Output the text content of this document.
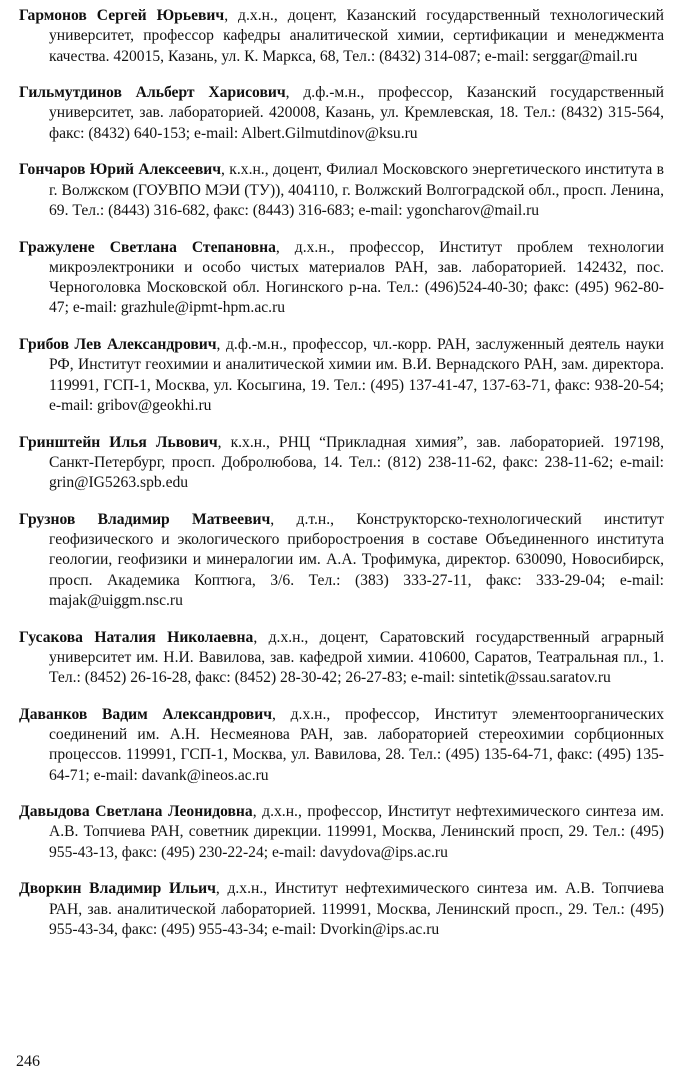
Гармонов Сергей Юрьевич, д.х.н., доцент, Казанский государственный технологический университет, профессор кафедры аналитической химии, сертификации и менеджмента качества. 420015, Казань, ул. К. Маркса, 68, Тел.: (8432) 314-087; e-mail: serggar@mail.ru

Гильмутдинов Альберт Харисович, д.ф.-м.н., профессор, Казанский государственный университет, зав. лабораторией. 420008, Казань, ул. Кремлевская, 18. Тел.: (8432) 315-564, факс: (8432) 640-153; e-mail: Albert.Gilmutdinov@ksu.ru

Гончаров Юрий Алексеевич, к.х.н., доцент, Филиал Московского энергетического института в г. Волжском (ГОУВПО МЭИ (ТУ)), 404110, г. Волжский Волгоградской обл., просп. Ленина, 69. Тел.: (8443) 316-682, факс: (8443) 316-683; e-mail: ygoncharov@mail.ru

Гражулене Светлана Степановна, д.х.н., профессор, Институт проблем технологии микроэлектроники и особо чистых материалов РАН, зав. лабораторией. 142432, пос. Черноголовка Московской обл. Ногинского р-на. Тел.: (496)524-40-30; факс: (495) 962-80-47; e-mail: grazhule@ipmt-hpm.ac.ru

Грибов Лев Александрович, д.ф.-м.н., профессор, чл.-корр. РАН, заслуженный деятель науки РФ, Институт геохимии и аналитической химии им. В.И. Вернадского РАН, зам. директора. 119991, ГСП-1, Москва, ул. Косыгина, 19. Тел.: (495) 137-41-47, 137-63-71, факс: 938-20-54; e-mail: gribov@geokhi.ru

Гринштейн Илья Львович, к.х.н., РНЦ “Прикладная химия”, зав. лабораторией. 197198, Санкт-Петербург, просп. Добролюбова, 14. Тел.: (812) 238-11-62, факс: 238-11-62; e-mail: grin@IG5263.spb.edu

Грузнов Владимир Матвеевич, д.т.н., Конструкторско-технологический институт геофизического и экологического приборостроения в составе Объединенного института геологии, геофизики и минералогии им. А.А. Трофимука, директор. 630090, Новосибирск, просп. Академика Коптюга, 3/6. Тел.: (383) 333-27-11, факс: 333-29-04; e-mail: majak@uiggm.nsc.ru

Гусакова Наталия Николаевна, д.х.н., доцент, Саратовский государственный аграрный университет им. Н.И. Вавилова, зав. кафедрой химии. 410600, Саратов, Театральная пл., 1. Тел.: (8452) 26-16-28, факс: (8452) 28-30-42; 26-27-83; e-mail: sintetik@ssau.saratov.ru

Даванков Вадим Александрович, д.х.н., профессор, Институт элементоорганических соединений им. А.Н. Несмеянова РАН, зав. лабораторией стереохимии сорбционных процессов. 119991, ГСП-1, Москва, ул. Вавилова, 28. Тел.: (495) 135-64-71, факс: (495) 135-64-71; e-mail: davank@ineos.ac.ru

Давыдова Светлана Леонидовна, д.х.н., профессор, Институт нефтехимического синтеза им. А.В. Топчиева РАН, советник дирекции. 119991, Москва, Ленинский просп, 29. Тел.: (495) 955-43-13, факс: (495) 230-22-24; e-mail: davydova@ips.ac.ru

Дворкин Владимир Ильич, д.х.н., Институт нефтехимического синтеза им. А.В. Топчиева РАН, зав. аналитической лабораторией. 119991, Москва, Ленинский просп., 29. Тел.: (495) 955-43-34, факс: (495) 955-43-34; e-mail: Dvorkin@ips.ac.ru

246
